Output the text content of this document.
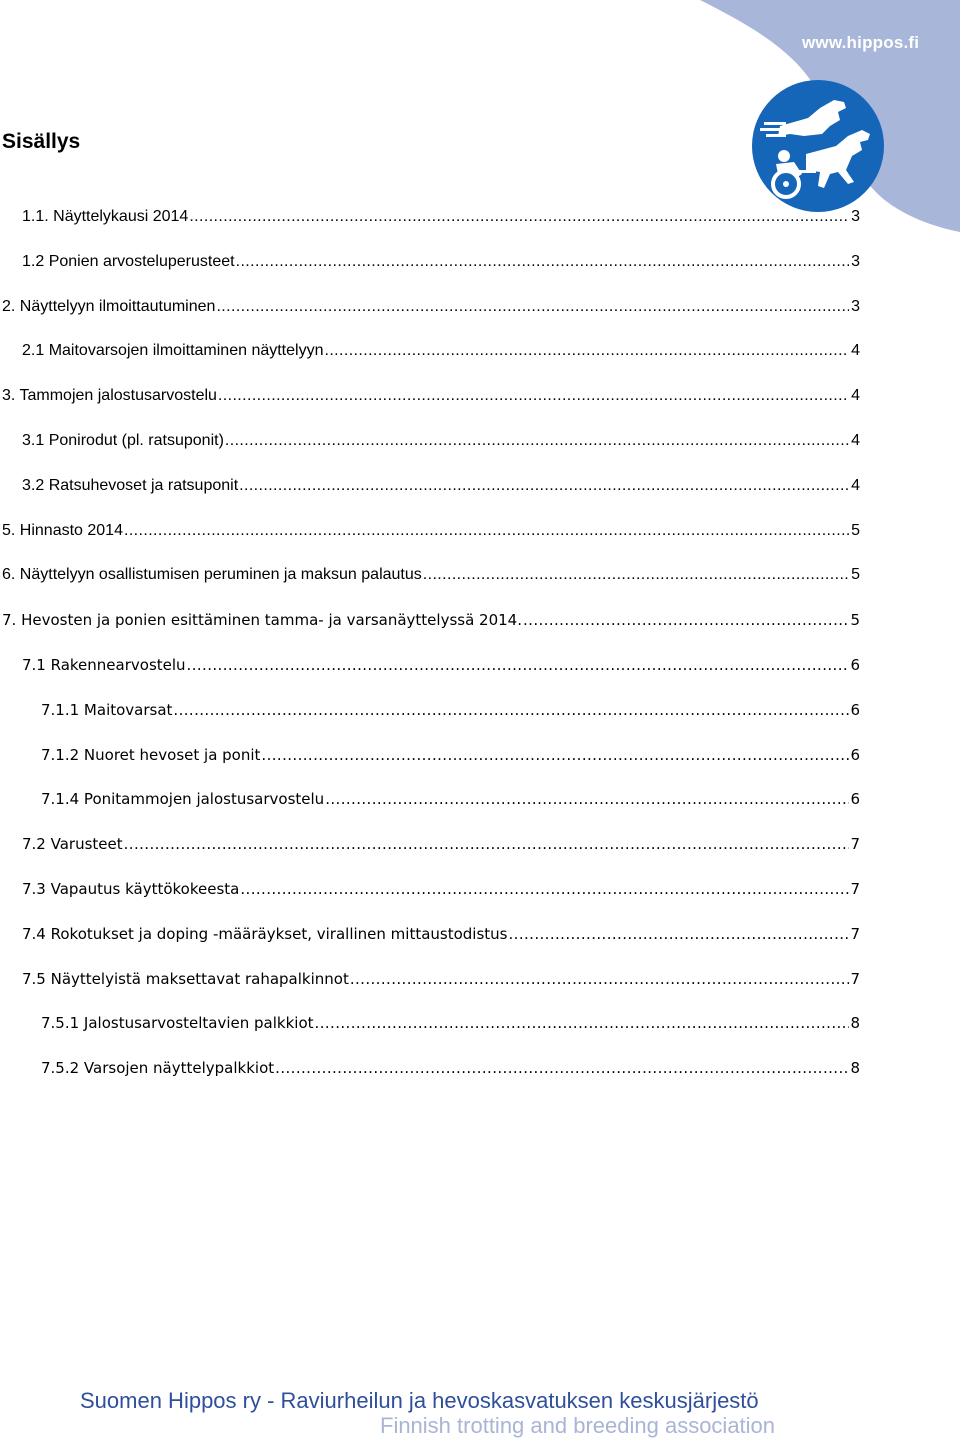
www.hippos.fi
Sisällys
1.1. Näyttelykausi 2014 .....	3
1.2 Ponien arvosteluperusteet .....	3
2. Näyttelyyn ilmoittautuminen .....	3
2.1 Maitovarsojen ilmoittaminen näyttelyyn .....	4
3. Tammojen jalostusarvostelu .....	4
3.1 Ponirodut (pl. ratsuponit) .....	4
3.2 Ratsuhevoset ja ratsuponit .....	4
5. Hinnasto 2014 .....	5
6. Näyttelyyn osallistumisen peruminen ja maksun palautus .....	5
7. Hevosten ja ponien esittäminen tamma- ja varsanäyttelyssä 2014. .....	5
7.1 Rakennearvostelu .....	6
7.1.1 Maitovarsat .....	6
7.1.2 Nuoret hevoset ja ponit .....	6
7.1.4 Ponitammojen jalostusarvostelu .....	6
7.2 Varusteet .....	7
7.3 Vapautus käyttökokeesta .....	7
7.4 Rokotukset ja doping -määräykset, virallinen mittaustodistus .....	7
7.5 Näyttelyistä maksettavat rahapalkinnot .....	7
7.5.1 Jalostusarvosteltavien palkkiot .....	8
7.5.2 Varsojen näyttelypalkkiot .....	8

Suomen Hippos ry - Raviurheilun ja hevoskasvatuksen keskusjärjestö

Finnish trotting and breeding association
